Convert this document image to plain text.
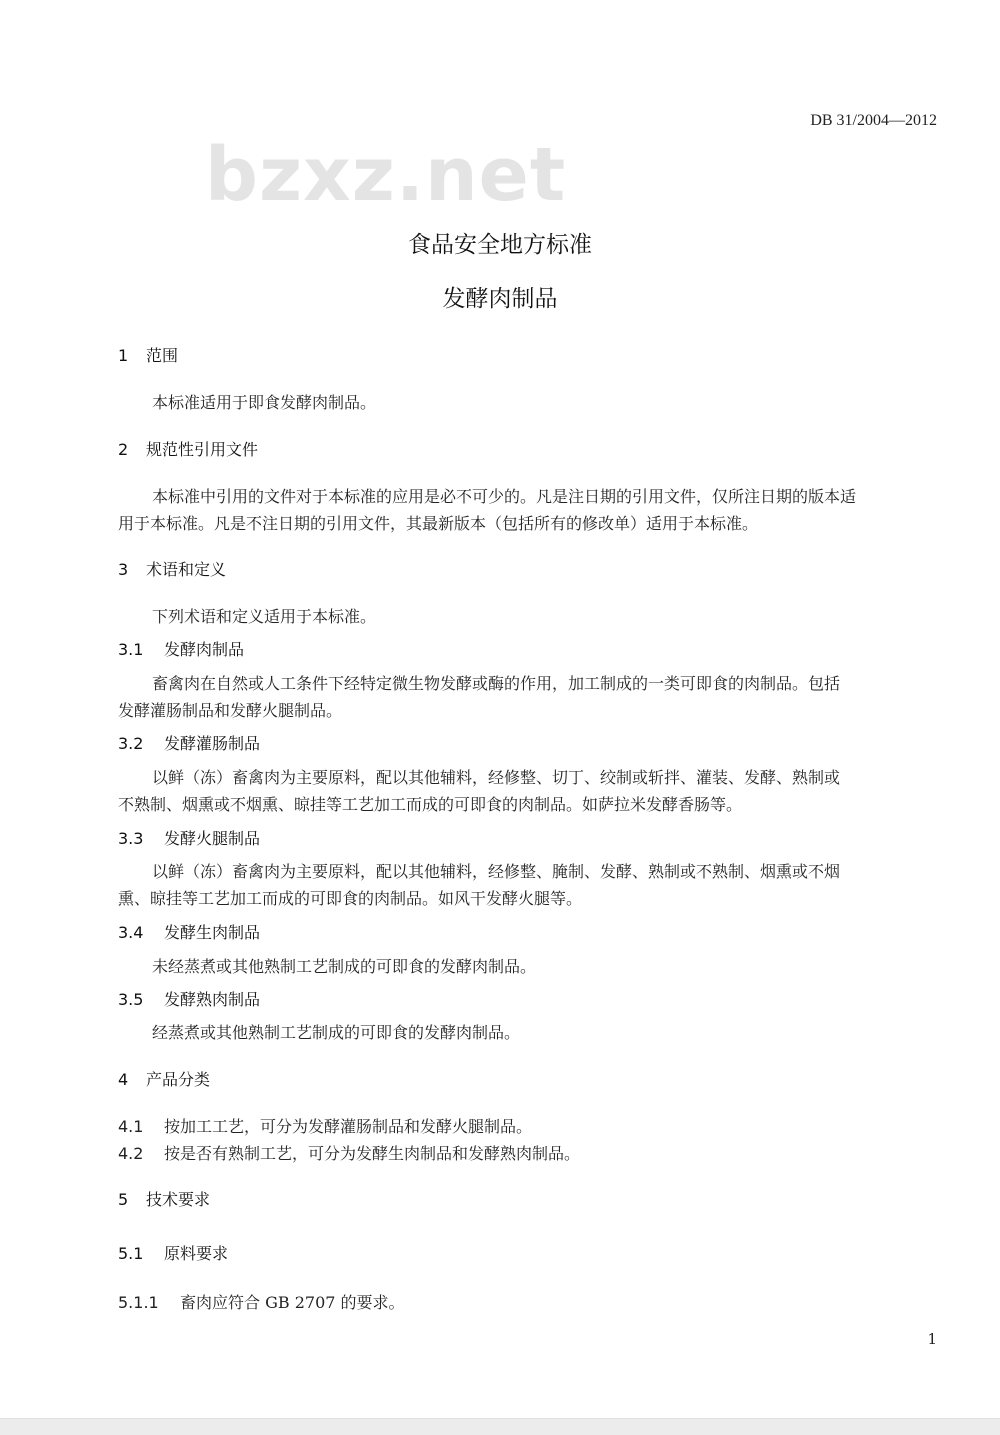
DB 31/2004—2012
bzxz.net
食品安全地方标准
发酵肉制品
1 范围
本标准适用于即食发酵肉制品。
2 规范性引用文件
本标准中引用的文件对于本标准的应用是必不可少的。凡是注日期的引用文件，仅所注日期的版本适
用于本标准。凡是不注日期的引用文件，其最新版本（包括所有的修改单）适用于本标准。
3 术语和定义
下列术语和定义适用于本标准。
3.1 发酵肉制品
畜禽肉在自然或人工条件下经特定微生物发酵或酶的作用，加工制成的一类可即食的肉制品。包括
发酵灌肠制品和发酵火腿制品。
3.2 发酵灌肠制品
以鲜（冻）畜禽肉为主要原料，配以其他辅料，经修整、切丁、绞制或斩拌、灌装、发酵、熟制或
不熟制、烟熏或不烟熏、晾挂等工艺加工而成的可即食的肉制品。如萨拉米发酵香肠等。
3.3 发酵火腿制品
以鲜（冻）畜禽肉为主要原料，配以其他辅料，经修整、腌制、发酵、熟制或不熟制、烟熏或不烟
熏、晾挂等工艺加工而成的可即食的肉制品。如风干发酵火腿等。
3.4 发酵生肉制品
未经蒸煮或其他熟制工艺制成的可即食的发酵肉制品。
3.5 发酵熟肉制品
经蒸煮或其他熟制工艺制成的可即食的发酵肉制品。
4 产品分类
4.1 按加工工艺，可分为发酵灌肠制品和发酵火腿制品。
4.2 按是否有熟制工艺，可分为发酵生肉制品和发酵熟肉制品。
5 技术要求
5.1 原料要求
5.1.1 畜肉应符合 GB 2707 的要求。
1
